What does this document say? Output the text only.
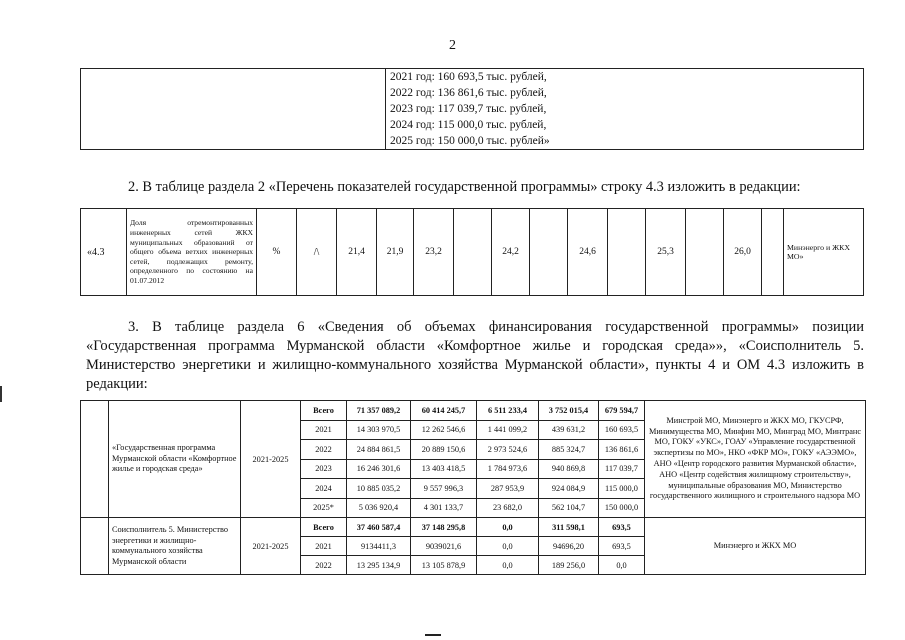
2

2021 год: 160 693,5 тыс. рублей,
2022 год: 136 861,6 тыс. рублей,
2023 год: 117 039,7 тыс. рублей,
2024 год: 115 000,0 тыс. рублей,
2025 год: 150 000,0 тыс. рублей»
2. В таблице раздела 2 «Перечень показателей государственной программы» строку 4.3 изложить в редакции:
«4.3	Доля отремонтированных инженерных сетей ЖКХ муниципальных образований от общего объема ветхих инженерных сетей, подлежащих ремонту, определенного по состоянию на 01.07.2012	%	/\	21,4	21,9	23,2		24,2		24,6		25,3		26,0		Минэнерго и ЖКХ МО»
3. В таблице раздела 6 «Сведения об объемах финансирования государственной программы» позиции «Государственная программа Мурманской области «Комфортное жилье и городская среда»», «Соисполнитель 5. Министерство энергетики и жилищно-коммунального хозяйства Мурманской области», пункты 4 и ОМ 4.3 изложить в редакции:
	«Государственная программа Мурманской области «Комфортное жилье и городская среда»	2021-2025	Всего	71 357 089,2	60 414 245,7	6 511 233,4	3 752 015,4	679 594,7	Минстрой МО, Минэнерго и ЖКХ МО, ГКУСРФ, Минимущества МО, Минфин МО, Минград МО, Минтранс МО, ГОКУ «УКС», ГОАУ «Управление государственной экспертизы по МО», НКО «ФКР МО», ГОКУ «АЭЭМО», АНО «Центр городского развития Мурманской области», АНО «Центр содействия жилищному строительству», муниципальные образования МО, Министерство государственного жилищного и строительного надзора МО
			2021	14 303 970,5	12 262 546,6	1 441 099,2	439 631,2	160 693,5	
			2022	24 884 861,5	20 889 150,6	2 973 524,6	885 324,7	136 861,6	
			2023	16 246 301,6	13 403 418,5	1 784 973,6	940 869,8	117 039,7	
			2024	10 885 035,2	9 557 996,3	287 953,9	924 084,9	115 000,0	
			2025*	5 036 920,4	4 301 133,7	23 682,0	562 104,7	150 000,0	
	Соисполнитель 5. Министерство энергетики и жилищно-коммунального хозяйства Мурманской области	2021-2025	Всего	37 460 587,4	37 148 295,8	0,0	311 598,1	693,5	Минэнерго и ЖКХ МО
			2021	9134411,3	9039021,6	0,0	94696,20	693,5	
			2022	13 295 134,9	13 105 878,9	0,0	189 256,0	0,0	
